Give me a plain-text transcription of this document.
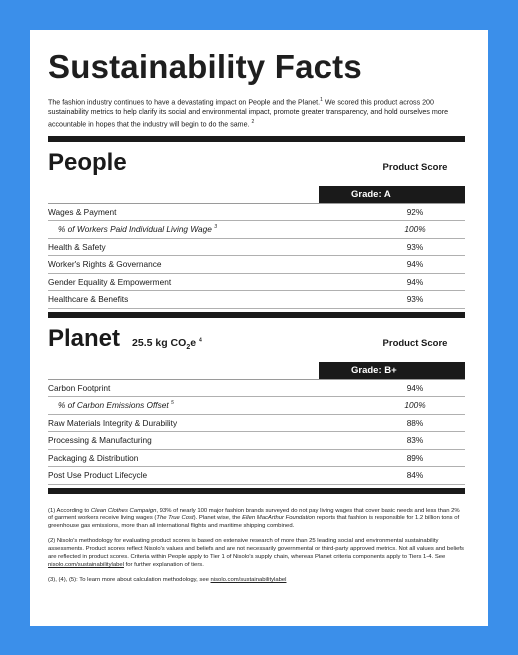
Sustainability Facts
The fashion industry continues to have a devastating impact on People and the Planet.$^1$ We scored this product across 200 sustainability metrics to help clarify its social and environmental impact, promote greater transparency, and hold ourselves more accountable in hopes that the industry will begin to do the same. $^2$
People	Product Score
Grade: A
Wages & Payment	92%
% of Workers Paid Individual Living Wage $^3$	100%
Health & Safety	93%
Worker's Rights & Governance	94%
Gender Equality & Empowerment	94%
Healthcare & Benefits	93%
Planet 25.5 kg $CO_2e$ $^4$	Product Score
Grade: B+
Carbon Footprint	94%
% of Carbon Emissions Offset $^5$	100%
Raw Materials Integrity & Durability	88%
Processing & Manufacturing	83%
Packaging & Distribution	89%
Post Use Product Lifecycle	84%

(1) According to Clean Clothes Campaign, 93% of nearly 100 major fashion brands surveyed do not pay living wages that cover basic needs and less than 2% of garment workers receive living wages (The True Cost). Planet wise, the Ellen MacArthur Foundation reports that fashion is responsible for 1.2 billion tons of greenhouse gas emissions, more than all international flights and maritime shipping combined.

(2) Nisolo's methodology for evaluating product scores is based on extensive research of more than 25 leading social and environmental sustainability assessments. Product scores reflect Nisolo's values and beliefs and are not necessarily governmental or third-party approved metrics. Not all values and beliefs are reflected in product scores. Criteria within People apply to Tier 1 of Nisolo's supply chain, whereas Planet criteria components apply to Tiers 1-4. See nisolo.com/sustainabilitylabel for further explanation of tiers.

(3), (4), (5): To learn more about calculation methodology, see nisolo.com/sustainabilitylabel
